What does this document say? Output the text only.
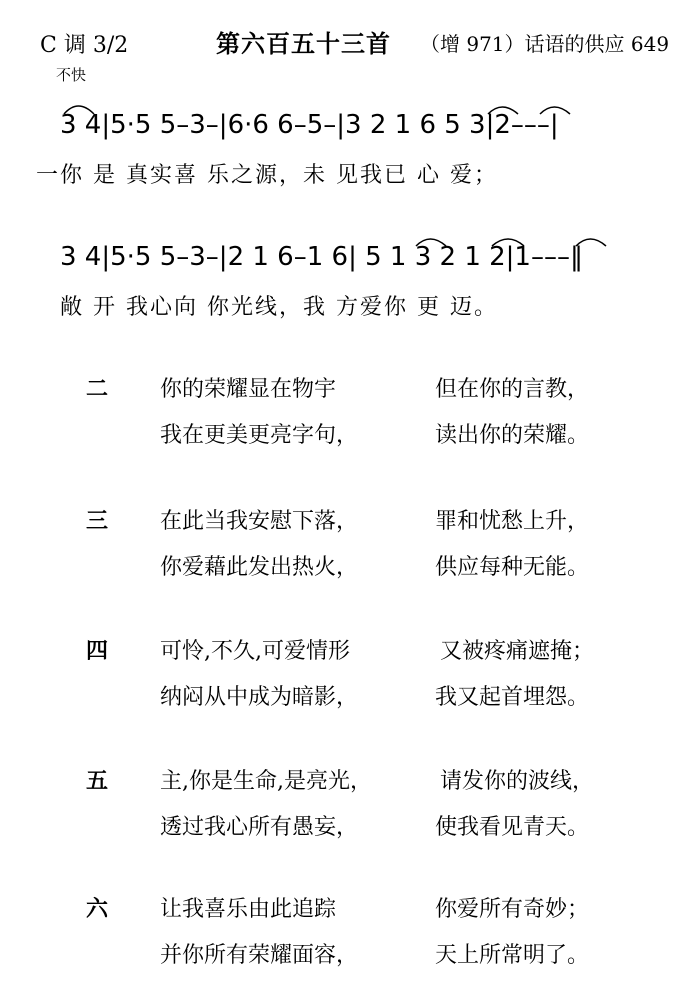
C 调 3/2	第六百五十三首 （增 971）话语的供应 649
不快
3 4|5·5 5–3–|6·6 6–5–|3 2 1 6 5 3|2–––|
一你 是 真实喜 乐之源，未 见我已 心 爱；
3 4|5·5 5–3–|2 1 6–1 6| 5 1 3 2 1 2|1–––‖
敞 开 我心向 你光线，我 方爱你 更 迈。
二 你的荣耀显在物宇	但在你的言教，
我在更美更亮字句，	读出你的荣耀。
三 在此当我安慰下落，	罪和忧愁上升，
你爱藉此发出热火，	供应每种无能。
四 可怜,不久,可爱情形	又被疼痛遮掩；
纳闷从中成为暗影，	我又起首埋怨。
五 主,你是生命,是亮光，	请发你的波线，
透过我心所有愚妄，	使我看见青天。
六 让我喜乐由此追踪	你爱所有奇妙；
并你所有荣耀面容，	天上所常明了。
